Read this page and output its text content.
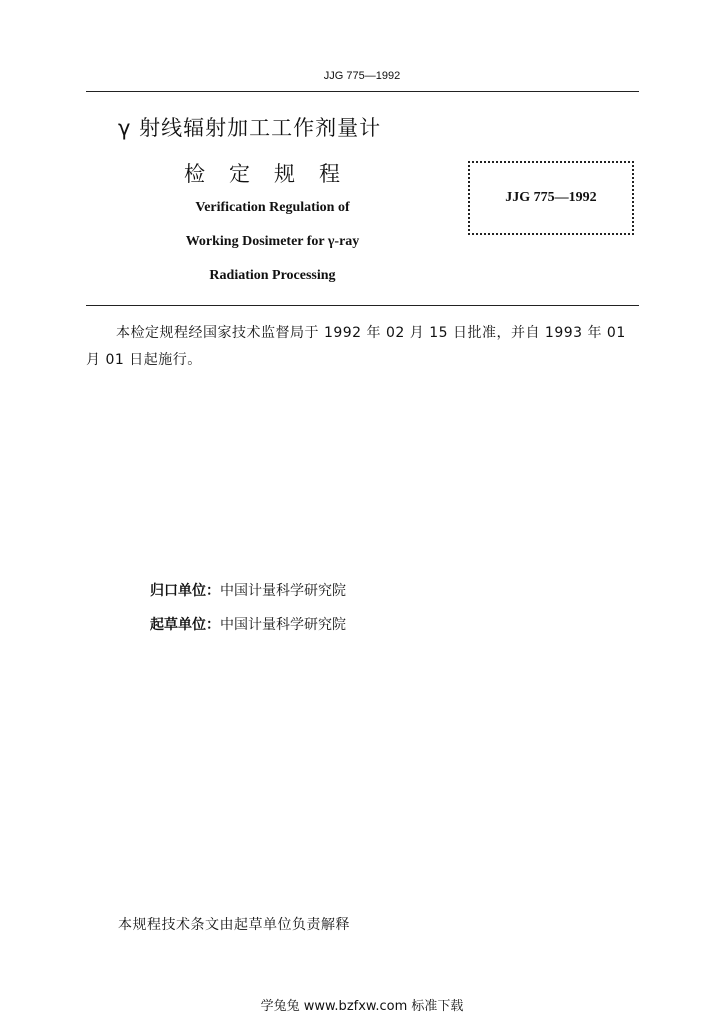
JJG 775—1992
γ 射线辐射加工工作剂量计
检定规程
Verification Regulation of
Working Dosimeter for γ-ray
Radiation Processing
JJG 775—1992
本检定规程经国家技术监督局于 1992 年 02 月 15 日批准，并自 1993 年 01 月 01 日起施行。
归口单位：中国计量科学研究院
起草单位：中国计量科学研究院
本规程技术条文由起草单位负责解释
学兔兔 www.bzfxw.com 标准下载
